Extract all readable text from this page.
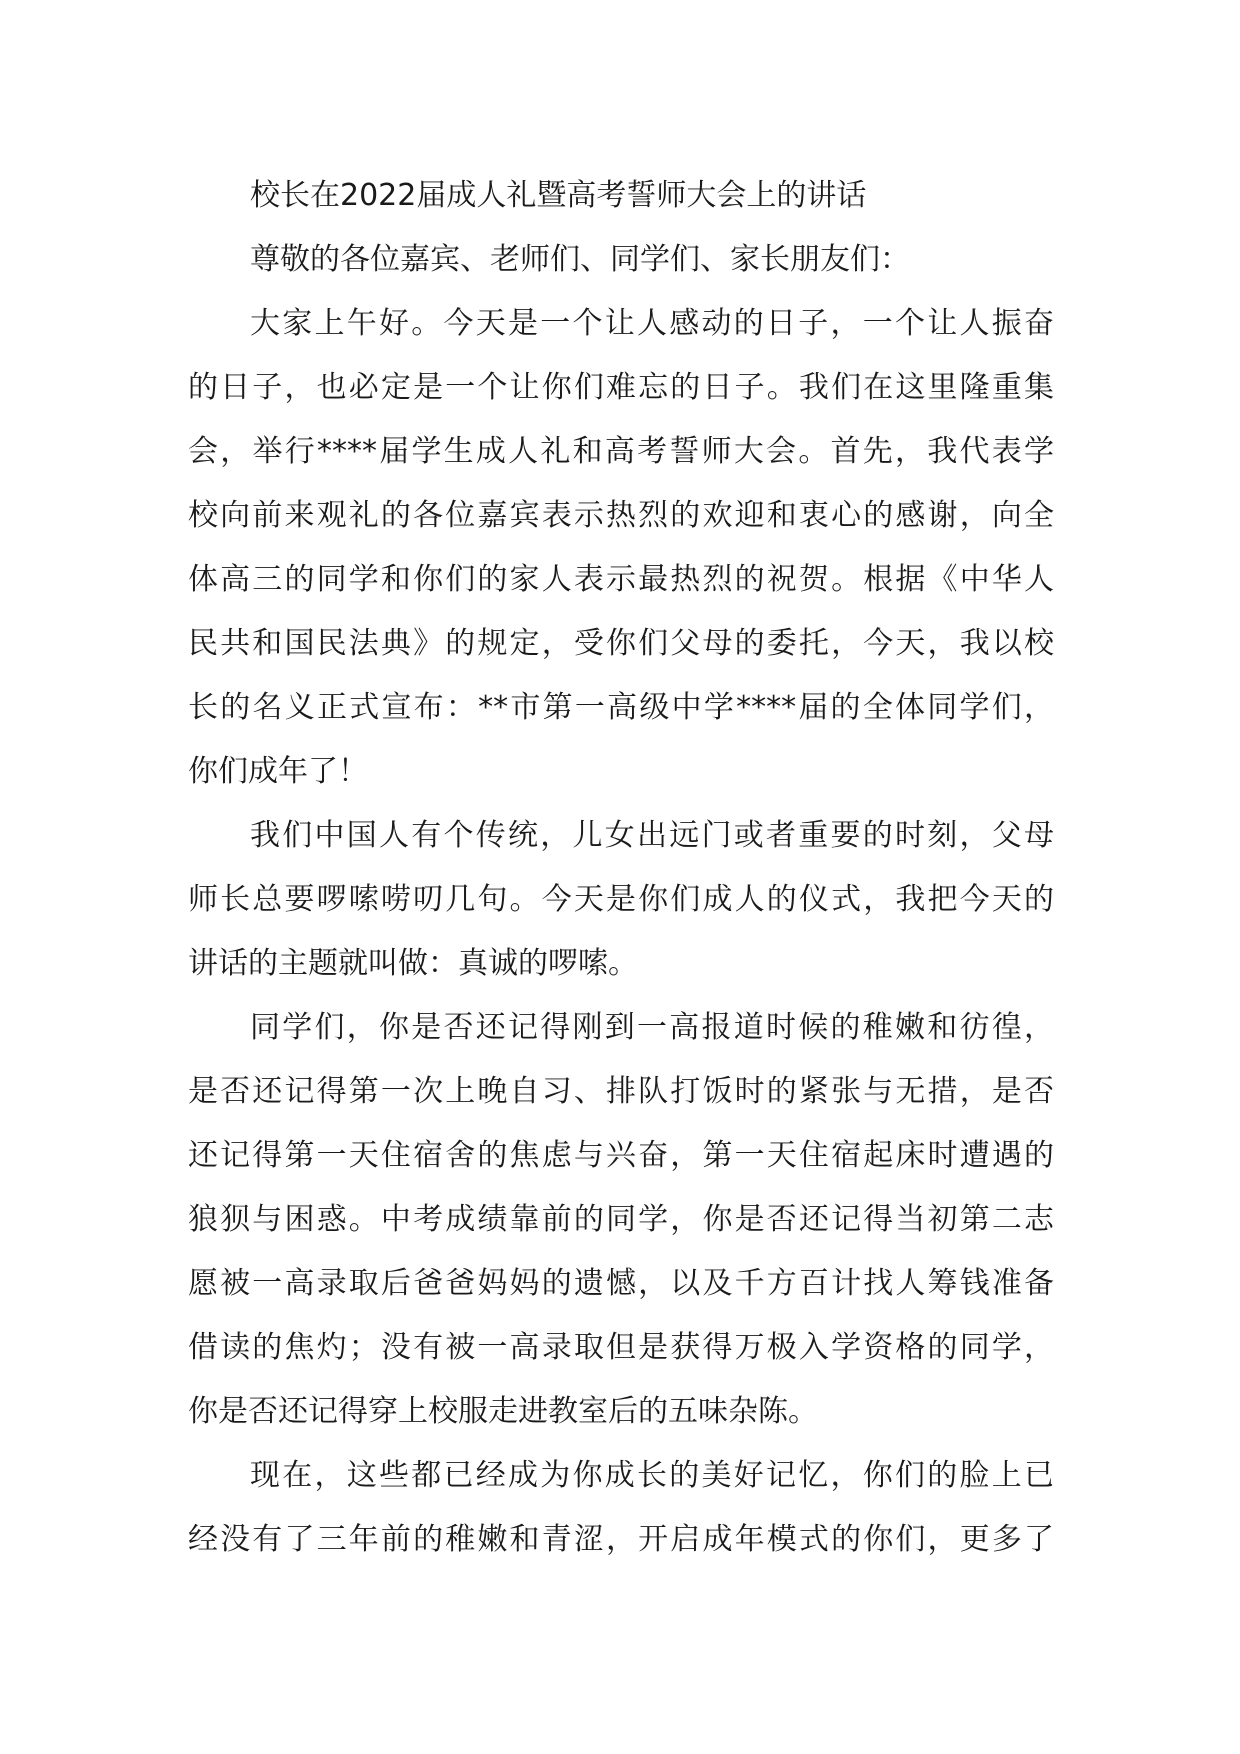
校长在2022届成人礼暨高考誓师大会上的讲话
尊敬的各位嘉宾、老师们、同学们、家长朋友们：
大家上午好。今天是一个让人感动的日子，一个让人振奋
的日子，也必定是一个让你们难忘的日子。我们在这里隆重集
会，举行****届学生成人礼和高考誓师大会。首先，我代表学
校向前来观礼的各位嘉宾表示热烈的欢迎和衷心的感谢，向全
体高三的同学和你们的家人表示最热烈的祝贺。根据《中华人
民共和国民法典》的规定，受你们父母的委托，今天，我以校
长的名义正式宣布：**市第一高级中学****届的全体同学们，
你们成年了！
我们中国人有个传统，儿女出远门或者重要的时刻，父母
师长总要啰嗦唠叨几句。今天是你们成人的仪式，我把今天的
讲话的主题就叫做：真诚的啰嗦。
同学们，你是否还记得刚到一高报道时候的稚嫩和彷徨，
是否还记得第一次上晚自习、排队打饭时的紧张与无措，是否
还记得第一天住宿舍的焦虑与兴奋，第一天住宿起床时遭遇的
狼狈与困惑。中考成绩靠前的同学，你是否还记得当初第二志
愿被一高录取后爸爸妈妈的遗憾，以及千方百计找人筹钱准备
借读的焦灼；没有被一高录取但是获得万极入学资格的同学，
你是否还记得穿上校服走进教室后的五味杂陈。
现在，这些都已经成为你成长的美好记忆，你们的脸上已
经没有了三年前的稚嫩和青涩，开启成年模式的你们，更多了
